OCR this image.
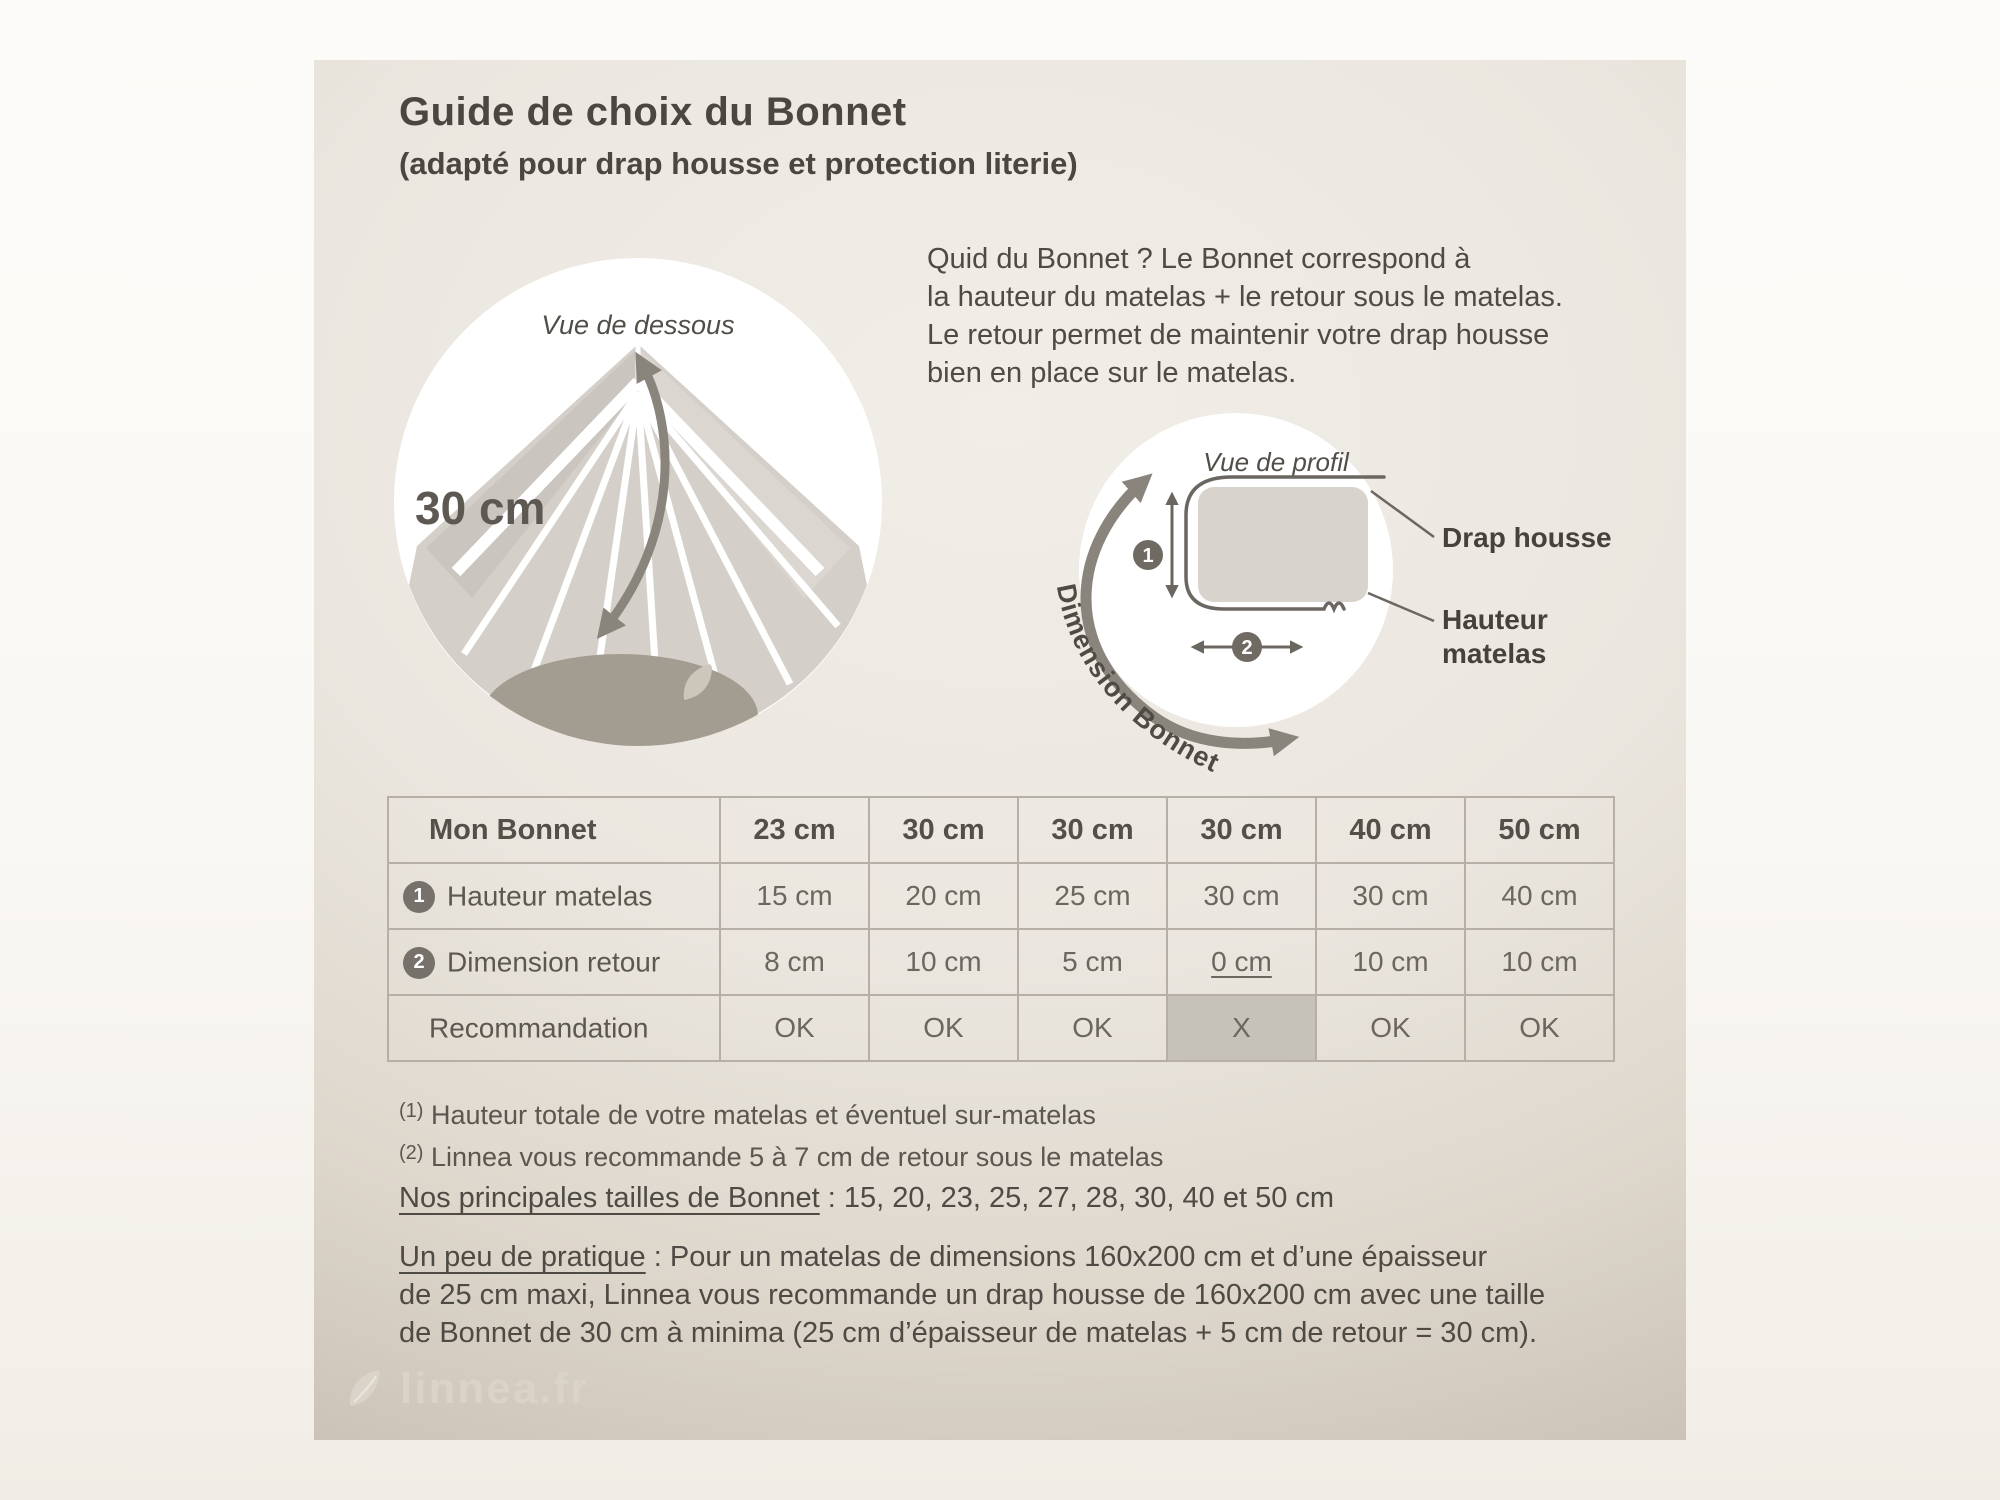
Guide de choix du Bonnet
(adapté pour drap housse et protection literie)
Quid du Bonnet ? Le Bonnet correspond à
la hauteur du matelas + le retour sous le matelas.
Le retour permet de maintenir votre drap housse
bien en place sur le matelas.
Vue de dessous
30 cm
Vue de profil
1
2
Dimension Bonnet
Drap housse
Hauteur
matelas
Mon Bonnet	23 cm	30 cm	30 cm	30 cm	40 cm	50 cm
1 Hauteur matelas	15 cm	20 cm	25 cm	30 cm	30 cm	40 cm
2 Dimension retour	8 cm	10 cm	5 cm	0 cm	10 cm	10 cm
Recommandation	OK	OK	OK	X	OK	OK
$^{(1)}$ Hauteur totale de votre matelas et éventuel sur-matelas
$^{(2)}$ Linnea vous recommande 5 à 7 cm de retour sous le matelas
Nos principales tailles de Bonnet : 15, 20, 23, 25, 27, 28, 30, 40 et 50 cm
Un peu de pratique : Pour un matelas de dimensions 160x200 cm et d’une épaisseur
de 25 cm maxi, Linnea vous recommande un drap housse de 160x200 cm avec une taille
de Bonnet de 30 cm à minima (25 cm d’épaisseur de matelas + 5 cm de retour = 30 cm).
linnea.fr
